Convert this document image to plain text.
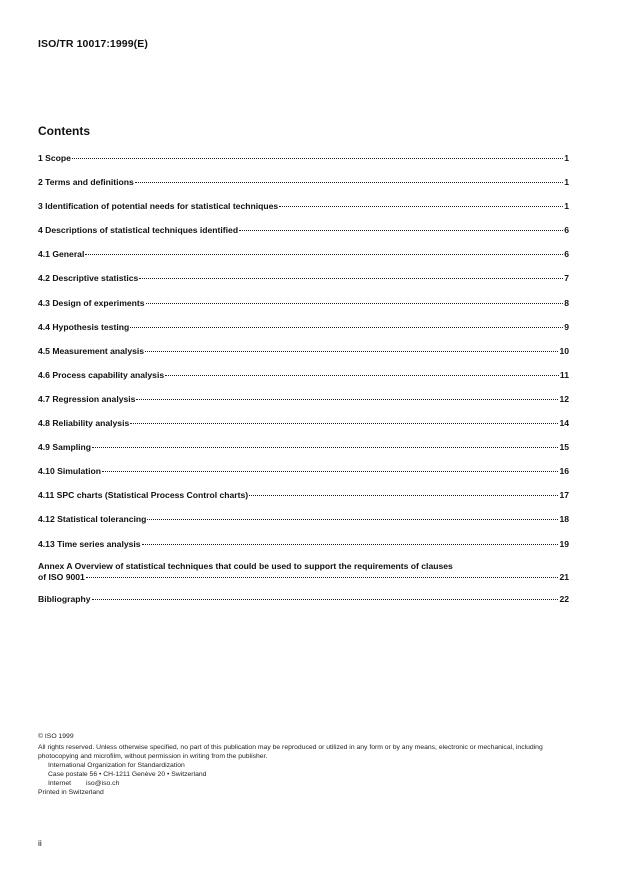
ISO/TR 10017:1999(E)
Contents
1 Scope	1
2 Terms and definitions	1
3 Identification of potential needs for statistical techniques	1
4 Descriptions of statistical techniques identified	6
4.1 General	6
4.2 Descriptive statistics	7
4.3 Design of experiments	8
4.4 Hypothesis testing	9
4.5 Measurement analysis	10
4.6 Process capability analysis	11
4.7 Regression analysis	12
4.8 Reliability analysis	14
4.9 Sampling	15
4.10 Simulation	16
4.11 SPC charts (Statistical Process Control charts)	17
4.12 Statistical tolerancing	18
4.13 Time series analysis	19
Annex A Overview of statistical techniques that could be used to support the requirements of clauses
of ISO 9001	21
Bibliography	22
© ISO 1999
All rights reserved. Unless otherwise specified, no part of this publication may be reproduced or utilized in any form or by any means, electronic or mechanical, including photocopying and microfilm, without permission in writing from the publisher.
International Organization for Standardization
Case postale 56 • CH-1211 Genève 20 • Switzerland
Internet iso@iso.ch
Printed in Switzerland
ii
